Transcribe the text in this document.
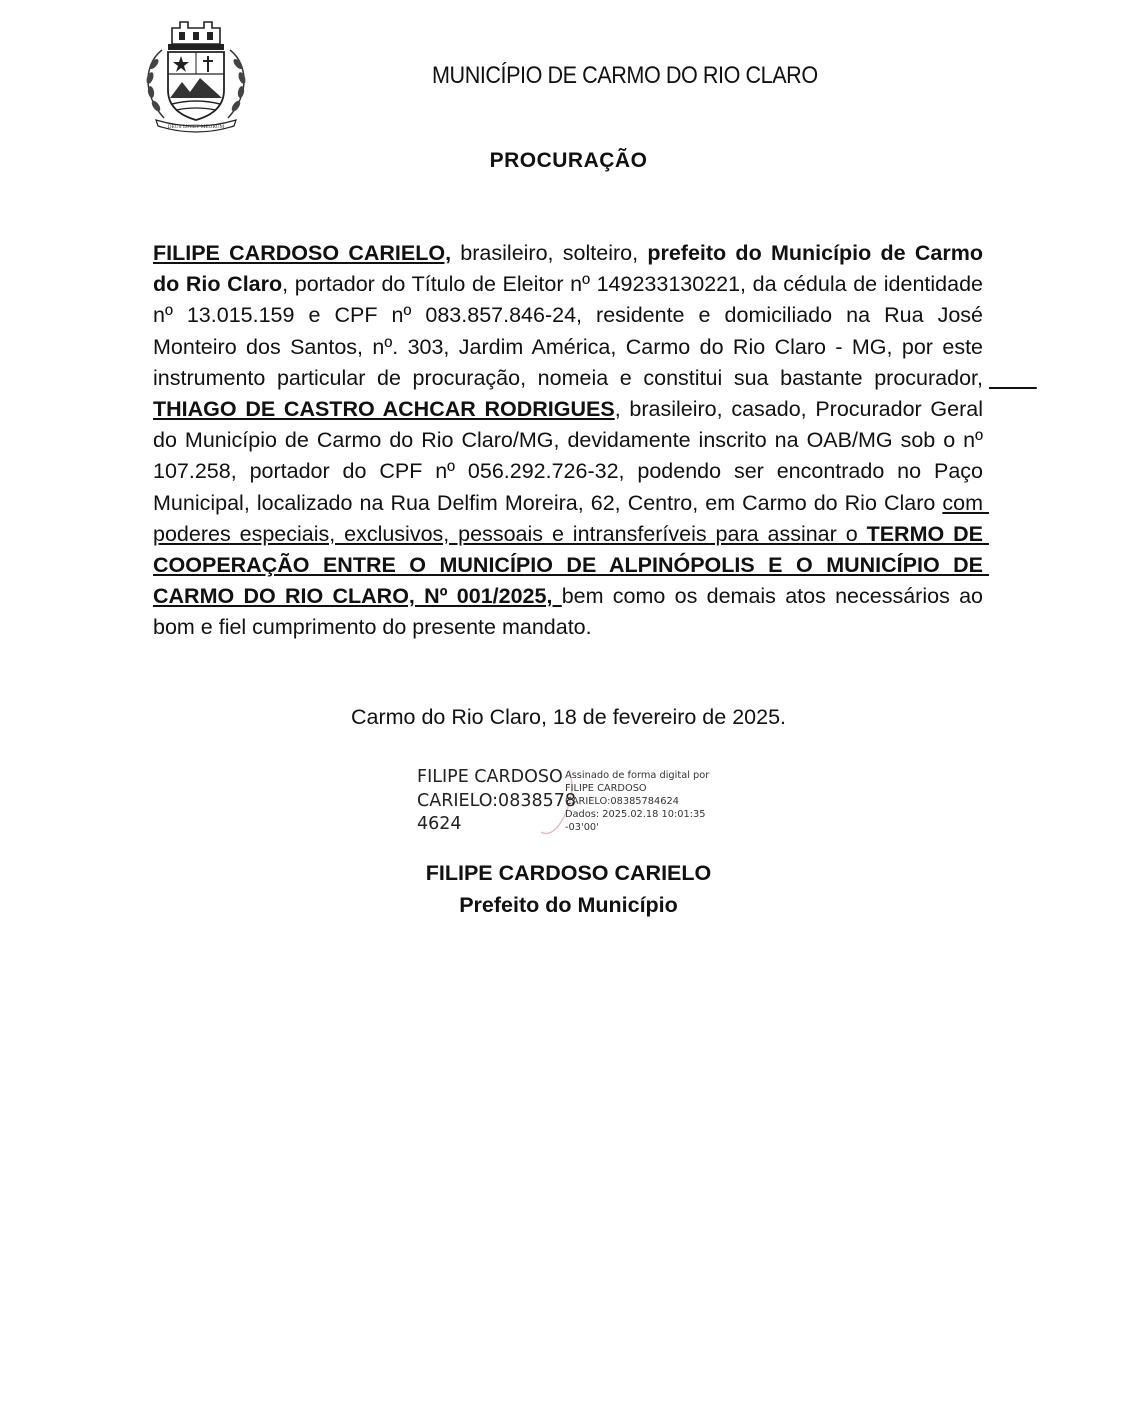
DEUS LUCET MEORUM
MUNICÍPIO DE CARMO DO RIO CLARO
PROCURAÇÃO
FILIPE CARDOSO CARIELO, brasileiro, solteiro, prefeito do Município de Carmo do Rio Claro, portador do Título de Eleitor nº 149233130221, da cédula de identidade nº 13.015.159 e CPF nº 083.857.846-24, residente e domiciliado na Rua José Monteiro dos Santos, nº. 303, Jardim América, Carmo do Rio Claro - MG, por este instrumento particular de procuração, nomeia e constitui sua bastante procurador,         THIAGO DE CASTRO ACHCAR RODRIGUES, brasileiro, casado, Procurador Geral do Município de Carmo do Rio Claro/MG, devidamente inscrito na OAB/MG sob o nº 107.258, portador do CPF nº 056.292.726-32, podendo ser encontrado no Paço Municipal, localizado na Rua Delfim Moreira, 62, Centro, em Carmo do Rio Claro com poderes especiais, exclusivos, pessoais e intransferíveis para assinar o TERMO DE COOPERAÇÃO ENTRE O MUNICÍPIO DE ALPINÓPOLIS E O MUNICÍPIO DE CARMO DO RIO CLARO, Nº 001/2025, bem como os demais atos necessários ao bom e fiel cumprimento do presente mandato.
Carmo do Rio Claro, 18 de fevereiro de 2025.
FILIPE CARDOSO
CARIELO:0838578
4624
Assinado de forma digital por
FILIPE CARDOSO
CARIELO:08385784624
Dados: 2025.02.18 10:01:35
-03'00'
FILIPE CARDOSO CARIELO
Prefeito do Município
